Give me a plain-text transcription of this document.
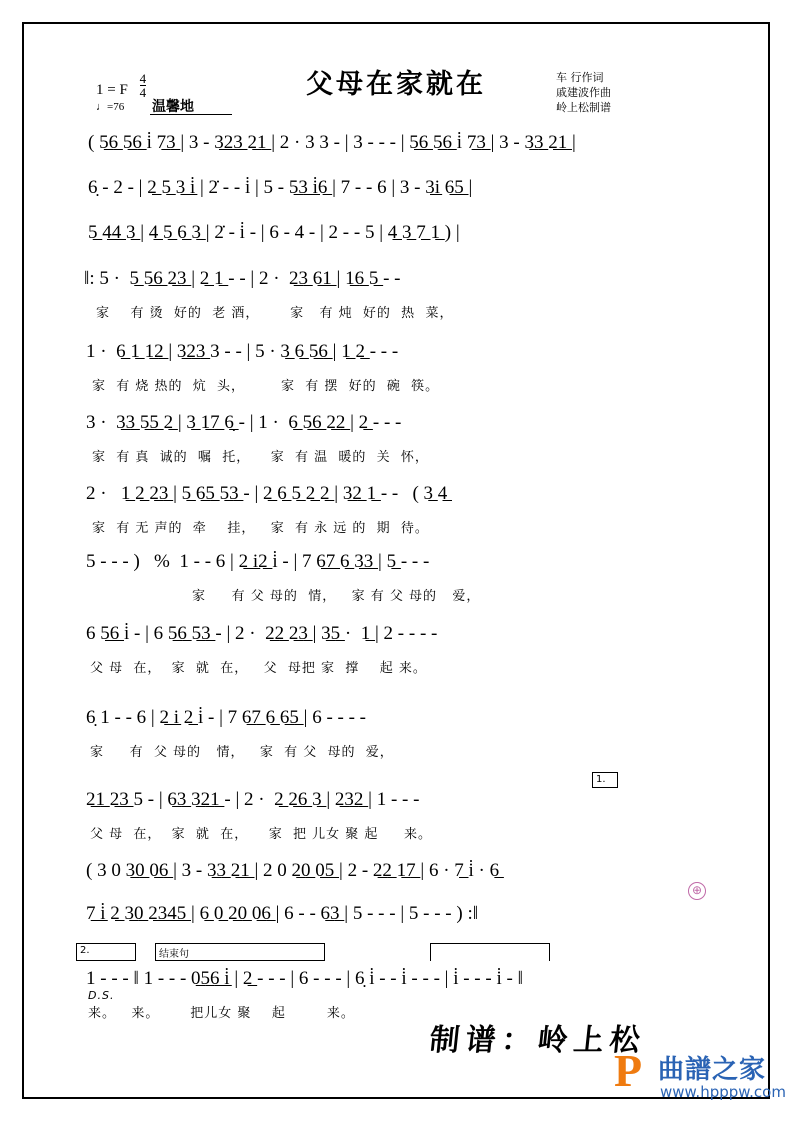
1 = F $\frac{4}{4}$
♩=76 温馨地
父母在家就在	车 行作词
戚建波作曲
岭上松制谱
( 5̲6̲ 5̲6̲ i̇ 7̲3̲ | 3 - 3̲2̲3̲ 2̲1̲ | 2 · 3 3 - | 3 - - - | 5̲6̲ 5̲6̲ i̇ 7̲3̲ | 3 - 3̲3̲ 2̲1̲ |
6̣ - 2 - | 2̲ 5̲ 3̲ i̲̇ | 2̇ - - i̇ | 5 - 5̲3̲ i̲̇6̲ | 7 - - 6 | 3 - 3̲i̲ 6̲5̲ |
5̲ 4̲4̲ 3̲ | 4̲ 5̲ 6̲ 3̲ | 2̇ - i̇ - | 6 - 4 - | 2 - - 5 | 4̲ 3̲ 7̲ 1̲ ) |
‖: 5 ·  5̲ 5̲6̲ 2̲3̲ | 2̲ 1̲ - - | 2 ·  2̲3̲ 6̲1̲ | 1̲6̲ 5̲ - -
家    有 烫  好的  老 酒，      家   有 炖  好的  热  菜，
1 ·  6̲ 1̲ 1̲2̲ | 3̲2̲3̲ 3 - - | 5 · 3̲ 6̲ 5̲6̲ | 1̲ 2̲ - - -
家  有 烧 热的  炕  头，       家  有 摆  好的  碗  筷。
3 ·  3̲3̲ 5̲5̲ 2̲ | 3̲ 1̲7̲ 6̣̲ - | 1 ·  6̲ 5̲6̲ 2̲2̲ | 2̲ - - -
家  有 真  诚的  嘱  托，    家  有 温  暖的  关  怀，
2 ·   1̲ 2̲ 2̲3̲ | 5̲ 6̲5̲ 5̲3̲ - | 2̲ 6̲ 5̲ 2̲ 2̲ | 3̲2̲ 1̲ - -   ( 3̲ 4̲
家  有 无 声的  牵    挂，   家  有 永 远 的  期  待。
5 - - - )   %  1 - - 6 | 2̲ i̲2̲ i̇ - | 7 6̲7̲ 6̲ 3̲3̲ | 5̲ - - -
家     有 父 母的  情，   家 有 父 母的   爱，
6 5̲6̲ i̇ - | 6 5̲6̲ 5̲3̲ - | 2 ·  2̲2̲ 2̲3̲ | 3̲5̲ ·  1̲ | 2 - - - -
父 母  在，  家  就  在，   父  母把 家  撑    起 来。
6̣ 1 - - 6 | 2̲ i̲ 2̲ i̇ - | 7 6̲7̲ 6̲ 6̲5̲ | 6 - - - -
家     有  父 母的   情，   家  有 父  母的  爱，
2̲1̲ 2̲3̲ 5 - | 6̲3̲ 3̲2̲1̲ - | 2 ·  2̲ 2̲6̲ 3̲ | 2̲3̲2̲ | 1 - - -
父 母  在，  家  就  在，    家  把 儿女 聚 起     来。
1.
( 3 0 3̲0̲ 0̲6̲ | 3 - 3̲3̲ 2̲1̲ | 2 0 2̲0̲ 0̲5̲ | 2 - 2̲2̲ 1̲7̲ | 6 · 7̲ i̇ · 6̲
⊕
7̲ i̲̇ 2̲ 3̲0̲ 2̲3̲4̲5̲ | 6̲ 0̲ 2̲0̲ 0̲6̲ | 6 - - 6̲3̲ | 5 - - - | 5 - - - ) :‖
2.	结束句
1 - - - ‖ 1 - - - 0̲5̲6̲ i̲̇ | 2̲ - - - | 6 - - - | 6̣ i̇ - - i̇ - - - | i̇ - - - i̇ - ‖
来。   来。      把儿女 聚    起        来。
D.S.
制谱：岭上松
P 曲譜之家
www.hpppw.com
